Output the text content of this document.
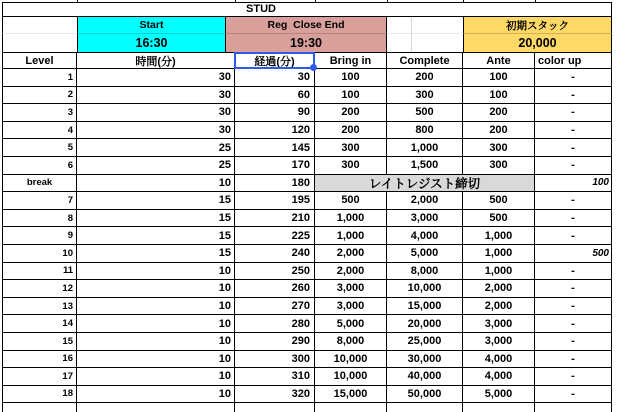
STUD
Start	Reg  Close End	初期スタック
16:30	19:30	20,000
Level	時間(分)	経過(分)	Bring in	Complete	Ante	color up
1	30	30	100	200	100	-
2	30	60	100	300	100	-
3	30	90	200	500	200	-
4	30	120	200	800	200	-
5	25	145	300	1,000	300	-
6	25	170	300	1,500	300	-
break	10	180	レイトレジスト締切	100
7	15	195	500	2,000	500	-
8	15	210	1,000	3,000	500	-
9	15	225	1,000	4,000	1,000	-
10	15	240	2,000	5,000	1,000	500
11	10	250	2,000	8,000	1,000	-
12	10	260	3,000	10,000	2,000	-
13	10	270	3,000	15,000	2,000	-
14	10	280	5,000	20,000	3,000	-
15	10	290	8,000	25,000	3,000	-
16	10	300	10,000	30,000	4,000	-
17	10	310	10,000	40,000	4,000	-
18	10	320	15,000	50,000	5,000	-
